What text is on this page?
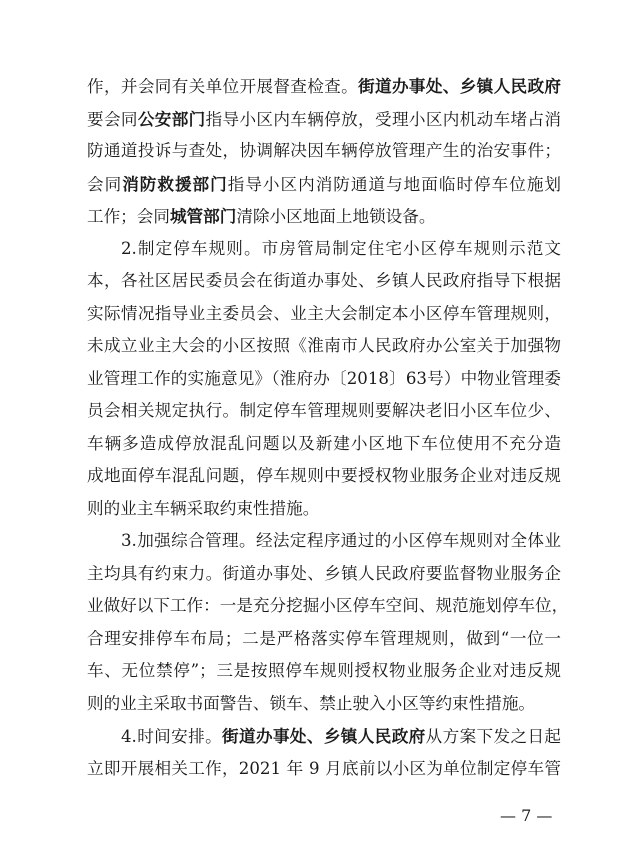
作，并会同有关单位开展督查检查。街道办事处、乡镇人民政府
要会同公安部门指导小区内车辆停放，受理小区内机动车堵占消
防通道投诉与查处，协调解决因车辆停放管理产生的治安事件；
会同消防救援部门指导小区内消防通道与地面临时停车位施划
工作；会同城管部门清除小区地面上地锁设备。
2.制定停车规则。市房管局制定住宅小区停车规则示范文
本，各社区居民委员会在街道办事处、乡镇人民政府指导下根据
实际情况指导业主委员会、业主大会制定本小区停车管理规则，
未成立业主大会的小区按照《淮南市人民政府办公室关于加强物
业管理工作的实施意见》（淮府办〔2018〕63号）中物业管理委
员会相关规定执行。制定停车管理规则要解决老旧小区车位少、
车辆多造成停放混乱问题以及新建小区地下车位使用不充分造
成地面停车混乱问题，停车规则中要授权物业服务企业对违反规
则的业主车辆采取约束性措施。
3.加强综合管理。经法定程序通过的小区停车规则对全体业
主均具有约束力。街道办事处、乡镇人民政府要监督物业服务企
业做好以下工作：一是充分挖掘小区停车空间、规范施划停车位，
合理安排停车布局；二是严格落实停车管理规则，做到“一位一
车、无位禁停”；三是按照停车规则授权物业服务企业对违反规
则的业主采取书面警告、锁车、禁止驶入小区等约束性措施。
4.时间安排。街道办事处、乡镇人民政府从方案下发之日起
立即开展相关工作，2021 年 9 月底前以小区为单位制定停车管
— 7 —
